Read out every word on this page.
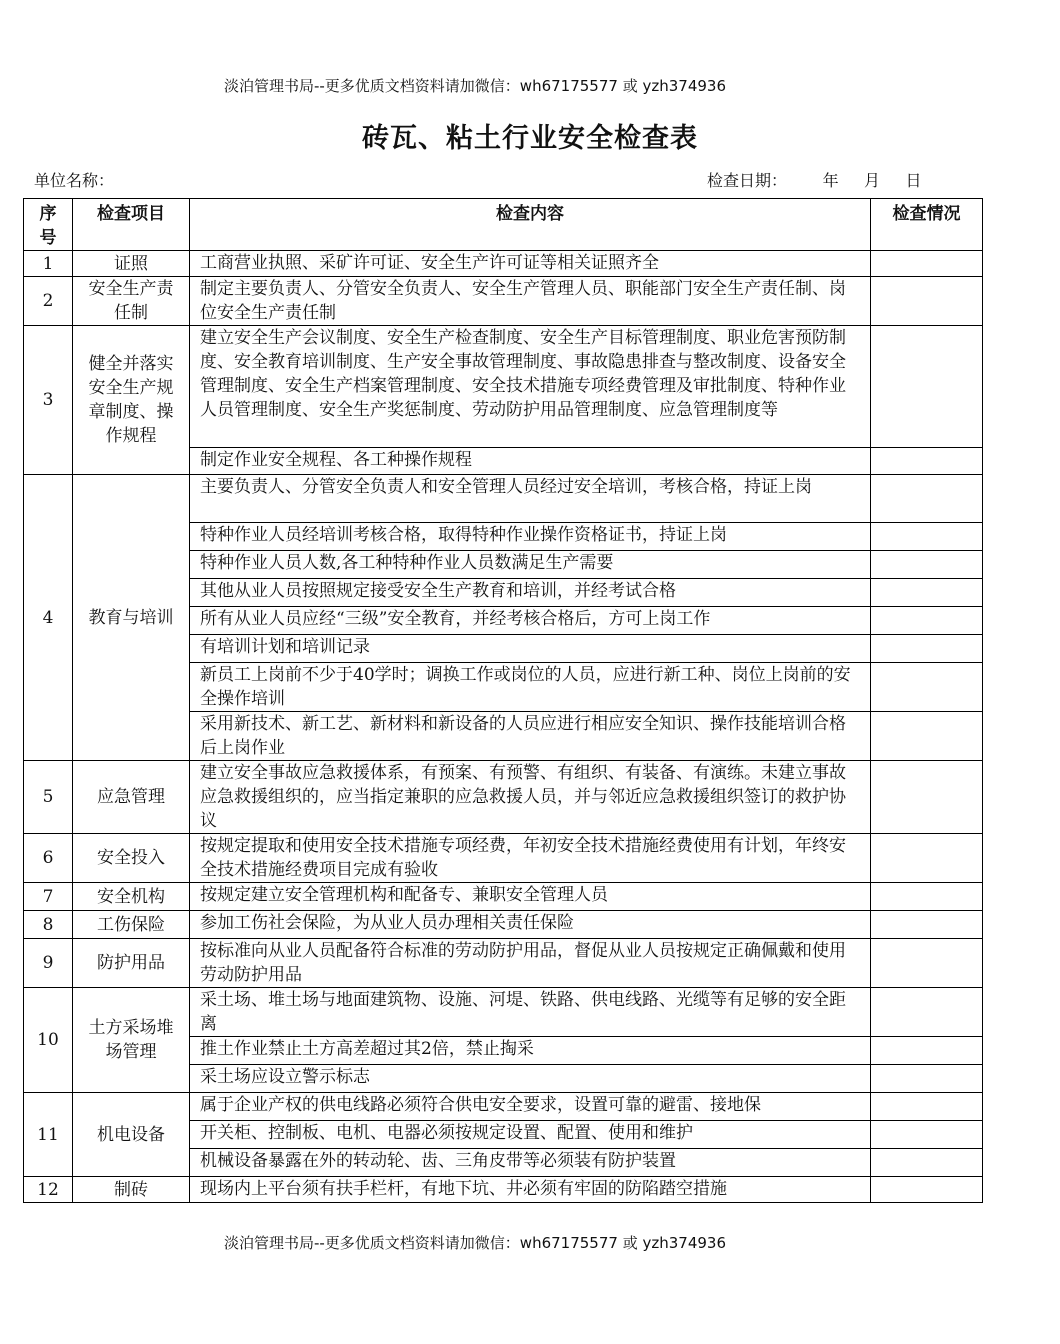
淡泊管理书局--更多优质文档资料请加微信：wh67175577 或 yzh374936
砖瓦、粘土行业安全检查表
单位名称：	检查日期：       年     月     日
序号	检查项目	检查内容	检查情况
1	证照	工商营业执照、采矿许可证、安全生产许可证等相关证照齐全	
2	安全生产责任制	制定主要负责人、分管安全负责人、安全生产管理人员、职能部门安全生产责任制、岗位安全生产责任制	
3	健全并落实安全生产规章制度、操作规程	建立安全生产会议制度、安全生产检查制度、安全生产目标管理制度、职业危害预防制度、安全教育培训制度、生产安全事故管理制度、事故隐患排查与整改制度、设备安全管理制度、安全生产档案管理制度、安全技术措施专项经费管理及审批制度、特种作业人员管理制度、安全生产奖惩制度、劳动防护用品管理制度、应急管理制度等	
		制定作业安全规程、各工种操作规程	
4	教育与培训	主要负责人、分管安全负责人和安全管理人员经过安全培训，考核合格，持证上岗	
		特种作业人员经培训考核合格，取得特种作业操作资格证书，持证上岗	
		特种作业人员人数,各工种特种作业人员数满足生产需要	
		其他从业人员按照规定接受安全生产教育和培训，并经考试合格	
		所有从业人员应经“三级”安全教育，并经考核合格后，方可上岗工作	
		有培训计划和培训记录	
		新员工上岗前不少于40学时；调换工作或岗位的人员，应进行新工种、岗位上岗前的安全操作培训	
		采用新技术、新工艺、新材料和新设备的人员应进行相应安全知识、操作技能培训合格后上岗作业	
5	应急管理	建立安全事故应急救援体系，有预案、有预警、有组织、有装备、有演练。未建立事故应急救援组织的，应当指定兼职的应急救援人员，并与邻近应急救援组织签订的救护协议	
6	安全投入	按规定提取和使用安全技术措施专项经费，年初安全技术措施经费使用有计划，年终安全技术措施经费项目完成有验收	
7	安全机构	按规定建立安全管理机构和配备专、兼职安全管理人员	
8	工伤保险	参加工伤社会保险，为从业人员办理相关责任保险	
9	防护用品	按标准向从业人员配备符合标准的劳动防护用品，督促从业人员按规定正确佩戴和使用劳动防护用品	
10	土方采场堆场管理	采土场、堆土场与地面建筑物、设施、河堤、铁路、供电线路、光缆等有足够的安全距离	
		推土作业禁止土方高差超过其2倍，禁止掏采	
		采土场应设立警示标志	
11	机电设备	属于企业产权的供电线路必须符合供电安全要求，设置可靠的避雷、接地保	
		开关柜、控制板、电机、电器必须按规定设置、配置、使用和维护	
		机械设备暴露在外的转动轮、齿、三角皮带等必须装有防护装置	
12	制砖	现场内上平台须有扶手栏杆，有地下坑、井必须有牢固的防陷踏空措施	
淡泊管理书局--更多优质文档资料请加微信：wh67175577 或 yzh374936
